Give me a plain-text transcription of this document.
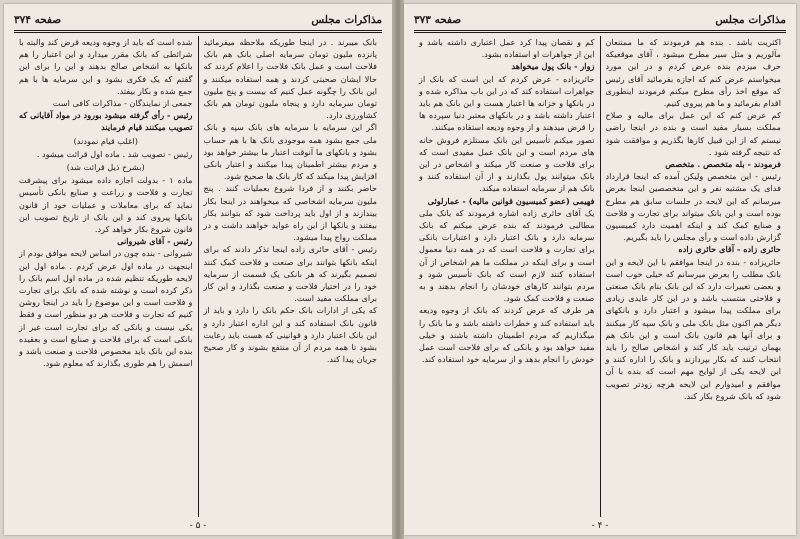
مذاکرات مجلس
صفحه ۳۷۴

بانک میبرند . در اینجا طوریکه ملاحظه میفرمائید پانزده ملیون تومان سرمایه اصلی بانک هم بانک فلاحت است و عمل بانک فلاحت را اعلام کردند که حالا ایشان صحبتی کردند و همه استفاده میکنند و این بانک را چگونه عمل کنیم که بیست و پنج ملیون تومان سرمایه دارد و پنجاه ملیون تومان هم بانک کشاورزی دارد.

اگر این سرمایه با سرمایه های بانک سپه و بانک ملی جمع بشود همه موجودی بانک ها با هم حساب بشود و بانکهای ما آنوقت اعتبار ما بیشتر خواهد بود و مردم بیشتر اطمینان پیدا میکنند و اعتبار بانکی افزایش پیدا میکند که کار بانک ها صحیح شود.

حاضر بکنند و از فردا شروع بعملیات کنند . پنج ملیون سرمایه اشخاصی که میخواهند در اینجا بکار بیندازند و از اول باید پرداخت شود که بتوانند بکار بیفتند و بانکها از این راه عواید خواهند داشت و در مملکت رواج پیدا میشود.

رئیس - آقای حائری زاده اینجا تذکر دادند که برای اینکه بانکها بتوانند برای صنعت و فلاحت کمک کنند تصمیم بگیرند که هر بانکی یک قسمت از سرمایه خود را در اختیار فلاحت و صنعت بگذارد و این کار برای مملکت مفید است.

که یکی از ادارات بانک حکم بانک را دارد و باید از قانون بانک استفاده کند و این اداره اعتبار دارد و این بانک اعتبار دارد و قوانینی که هست باید رعایت بشود تا همه مردم از آن منتفع بشوند و کار صحیح جریان پیدا کند.

شده است که باید از وجوه ودیعه قرض کند والبته با شرائطی که بانک مقرر میدارد و این اعتبار را هم بانکها به اشخاص صالح بدهند و این را برای این گفتم که یک فکری بشود و این سرمایه ها با هم جمع شده و بکار بیفتد.

جمعی از نمایندگان - مذاکرات کافی است

رئیس - رأی گرفته میشود بورود در مواد آقایانی که تصویب میکنند قیام فرمایند

(اغلب قیام نمودند)

رئیس - تصویب شد . ماده اول قرائت میشود .

(بشرح ذیل قرائت شد)

ماده ۱ - بدولت اجازه داده میشود برای پیشرفت تجارت و فلاحت و زراعت و صنایع بانکی تأسیس نماید که برای معاملات و عملیات خود از قانون بانکها پیروی کند و این بانک از تاریخ تصویب این قانون شروع بکار خواهد کرد.

رئیس - آقای شیروانی

شیروانی - بنده چون در اساس لایحه موافق بودم از اینجهت در ماده اول عرض کردم . ماده اول این لایحه طوریکه تنظیم شده در ماده اول اسم بانک را ذکر کرده است و نوشته شده که بانک برای تجارت و فلاحت است و این موضوع را باید در اینجا روشن کنیم که تجارت و فلاحت هر دو منظور است و فقط یکی نیست و بانکی که برای تجارت است غیر از بانکی است که برای فلاحت و صنایع است و بعقیده بنده این بانک باید مخصوص فلاحت و صنعت باشد و اسمش را هم طوری بگذارند که معلوم شود.

- ۵ -
مذاکرات مجلس
صفحه ۳۷۳

اکثریت باشد . بنده هم فرمودند که ما ممتنعان مآلوریم و مثل سیر مطرح میشود ، آقای موقعیکه حرف میزدم بنده عرض کردم و در این مورد میخواستم عرض کنم که اجازه بفرمائید آقای رئیس که موقع اخذ رأی مطرح میکنم فرمودند اینطوری اقدام بفرمائید و ما هم پیروی کنیم.

کم عرض کنم که این عمل برای مالیه و صلاح مملکت بسیار مفید است و بنده در اینجا راضی نیستم که از این قبیل کارها بگذریم و موافقت شود که نتیجه گرفته شود .

فرمودند - بله متخصص . متخصص

رئیس - این متخصص ولیکن آمده که اینجا قرارداد فدای یک مشتبه نفر و این متخصصین اینجا بعرض میرسانم که این لایحه در جلسات سابق هم مطرح بوده است و این بانک میتواند برای تجارت و فلاحت و صنایع کمک کند و اینکه اهمیت دارد کمیسیون گزارش داده است و رأی مجلس را باید بگیریم.

حائری زاده - آقای حائری زاده

حائریزاده - بنده در اینجا موافقم با این لایحه و این بانک مطلب را بعرض میرسانم که خیلی خوب است و بعضی تغییرات دارد که این بانک بنام بانک صنعتی و فلاحتی منتسب باشد و در این کار عایدی زیادی برای مملکت پیدا میشود و اعتبار دارد و بانکهای دیگر هم اکنون مثل بانک ملی و بانک سپه کار میکنند و برای آنها هم قانون بانک است و این بانک هم بهمان ترتیب باید کار کند و اشخاص صالح را باید انتخاب کنند که بکار بپردازند و بانک را اداره کنند و این لایحه یکی از لوایح مهم است که بنده با آن موافقم و امیدوارم این لایحه هرچه زودتر تصویب شود که بانک شروع بکار کند.

کم و نقصان پیدا کرد عمل اعتباری داشته باشد و این از جواهرات او استفاده بشود.

زوار - بانک پول میخواهد

حائریزاده - عرض کردم که این است که بانک از جواهرات استفاده کند که در این باب مذاکره شده و در بانکها و خزانه ها اعتبار هست و این بانک هم باید اعتبار داشته باشد و در بانکهای معتبر دنیا سپرده ها را قرض میدهند و از وجوه ودیعه استفاده میکنند.

تصور میکنم تأسیس این بانک مستلزم فروش خانه های مردم است و این بانک عمل مفیدی است که برای فلاحت و صنعت کار میکند و اشخاص در این بانک میتوانند پول بگذارند و از آن استفاده کنند و بانک هم از سرمایه استفاده میکند.

فهیمی (عضو کمیسیون قوانین مالیه) - عمارلوئی

یک آقای حائری زاده اشاره فرمودند که بانک ملی مطالبی فرمودند که بنده عرض میکنم که بانک سرمایه دارد و بانک اعتبار دارد و اعتبارات بانکی برای تجارت و فلاحت است که در همه دنیا معمول است و برای اینکه در مملکت ما هم اشخاص از آن استفاده کنند لازم است که بانک تأسیس شود و مردم بتوانند کارهای خودشان را انجام بدهند و به صنعت و فلاحت کمک شود.

هر طرف که عرض کردند که بانک از وجوه ودیعه باید استفاده کند و خطرات داشته باشد و ما بانک را میگذاریم که مردم اطمینان داشته باشند و خیلی مفید خواهد بود و بانکی که برای فلاحت است عمل خودش را انجام بدهد و از سرمایه خود استفاده کند.

- ۴ -
